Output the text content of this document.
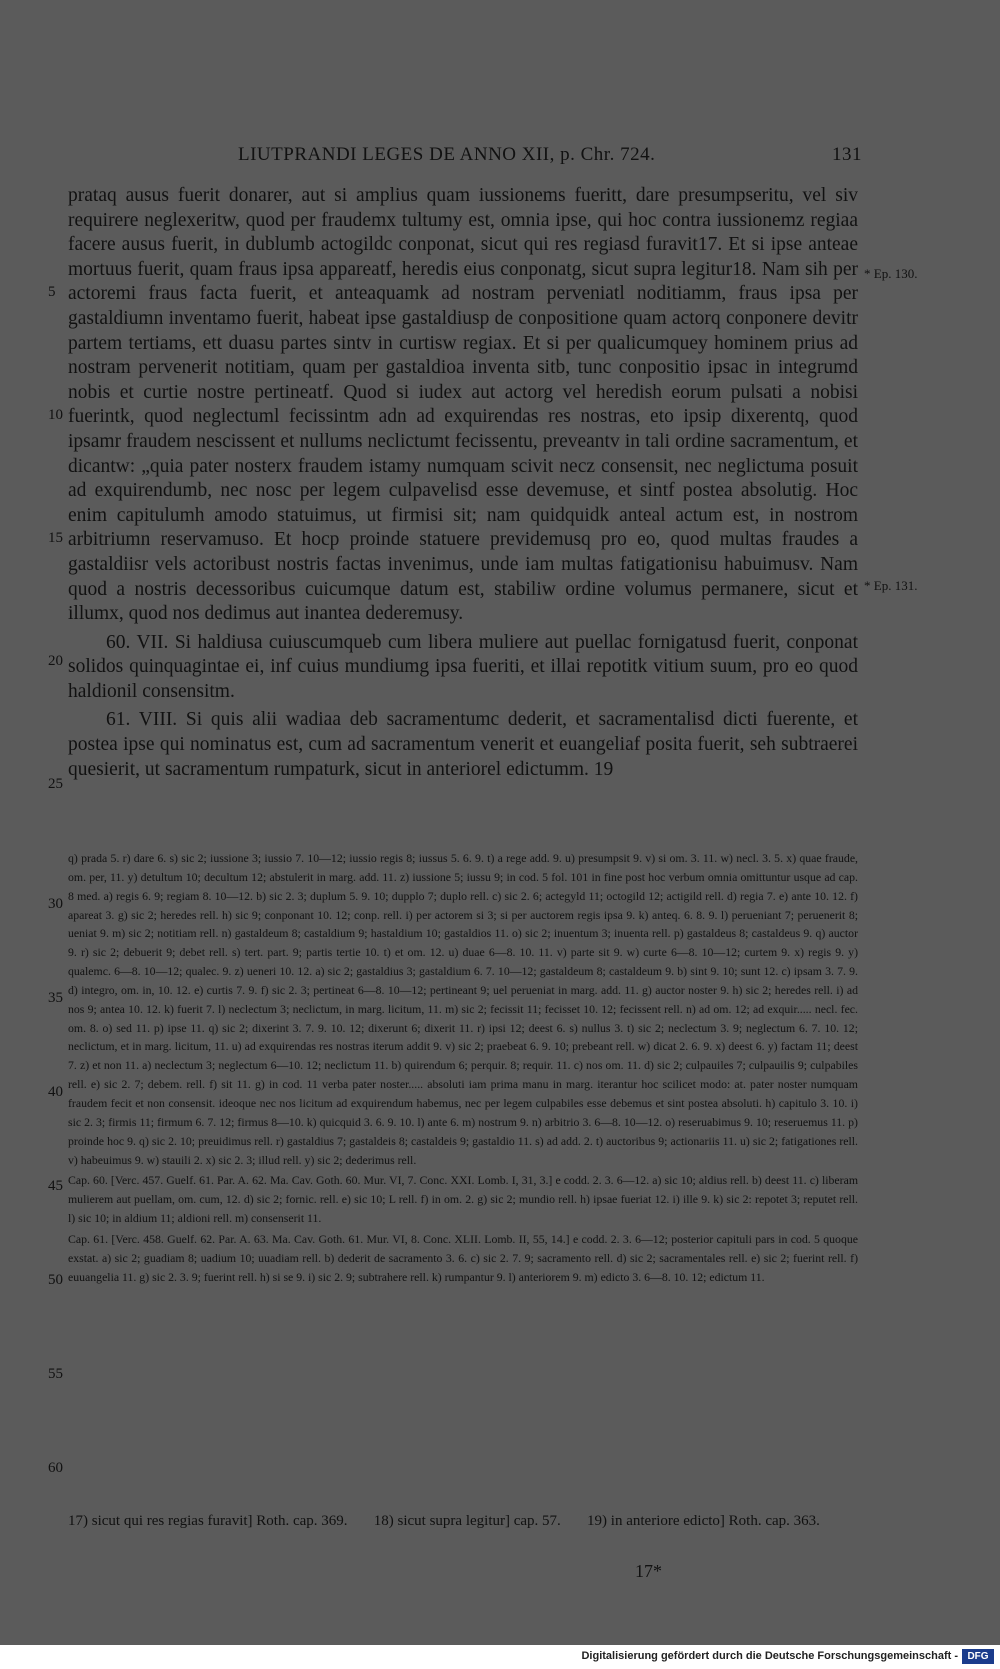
LIUTPRANDI LEGES DE ANNO XII, p. Chr. 724.	131
5
10
15
20
25
30
35
40
45
50
55
60
* Ep. 130.
* Ep. 131.

prataq ausus fuerit donarer, aut si amplius quam iussionems fueritt, dare presumpseritu, vel siv requirere neglexeritw, quod per fraudemx tultumy est, omnia ipse, qui hoc contra iussionemz regiaa facere ausus fuerit, in dublumb actogildc conponat, sicut qui res regiasd furavit17. Et si ipse anteae mortuus fuerit, quam fraus ipsa appareatf, heredis eius conponatg, sicut supra legitur18. Nam sih per actoremi fraus facta fuerit, et anteaquamk ad nostram perveniatl noditiamm, fraus ipsa per gastaldiumn inventamo fuerit, habeat ipse gastaldiusp de conpositione quam actorq conponere devitr partem tertiams, ett duasu partes sintv in curtisw regiax. Et si per qualicumquey hominem prius ad nostram pervenerit notitiam, quam per gastaldioa inventa sitb, tunc conpositio ipsac in integrumd nobis et curtie nostre pertineatf. Quod si iudex aut actorg vel heredish eorum pulsati a nobisi fuerintk, quod neglectuml fecissintm adn ad exquirendas res nostras, eto ipsip dixerentq, quod ipsamr fraudem nescissent et nullums neclictumt fecissentu, preveantv in tali ordine sacramentum, et dicantw: „quia pater nosterx fraudem istamy numquam scivit necz consensit, nec neglictuma posuit ad exquirendumb, nec nosc per legem culpavelisd esse devemuse, et sintf postea absolutig. Hoc enim capitulumh amodo statuimus, ut firmisi sit; nam quidquidk anteal actum est, in nostrom arbitriumn reservamuso. Et hocp proinde statuere previdemusq pro eo, quod multas fraudes a gastaldiisr vels actoribust nostris factas invenimus, unde iam multas fatigationisu habuimusv. Nam quod a nostris decessoribus cuicumque datum est, stabiliw ordine volumus permanere, sicut et illumx, quod nos dedimus aut inantea dederemusy.

60. VII. Si haldiusa cuiuscumqueb cum libera muliere aut puellac fornigatusd fuerit, conponat solidos quinquagintae ei, inf cuius mundiumg ipsa fueriti, et illai repotitk vitium suum, pro eo quod haldionil consensitm.

61. VIII. Si quis alii wadiaa deb sacramentumc dederit, et sacramentalisd dicti fuerente, et postea ipse qui nominatus est, cum ad sacramentum venerit et euangeliaf posita fuerit, seh subtraerei quesierit, ut sacramentum rumpaturk, sicut in anteriorel edictumm. 19

q) prada 5. r) dare 6. s) sic 2; iussione 3; iussio 7. 10—12; iussio regis 8; iussus 5. 6. 9. t) a rege add. 9. u) presumpsit 9. v) si om. 3. 11. w) necl. 3. 5. x) quae fraude, om. per, 11. y) detultum 10; decultum 12; abstulerit in marg. add. 11. z) iussione 5; iussu 9; in cod. 5 fol. 101 in fine post hoc verbum omnia omittuntur usque ad cap. 8 med. a) regis 6. 9; regiam 8. 10—12. b) sic 2. 3; duplum 5. 9. 10; dupplo 7; duplo rell. c) sic 2. 6; actegyld 11; octogild 12; actigild rell. d) regia 7. e) ante 10. 12. f) apareat 3. g) sic 2; heredes rell. h) sic 9; conponant 10. 12; conp. rell. i) per actorem si 3; si per auctorem regis ipsa 9. k) anteq. 6. 8. 9. l) perueniant 7; peruenerit 8; ueniat 9. m) sic 2; notitiam rell. n) gastaldeum 8; castaldium 9; hastaldium 10; gastaldios 11. o) sic 2; inuentum 3; inuenta rell. p) gastaldeus 8; castaldeus 9. q) auctor 9. r) sic 2; debuerit 9; debet rell. s) tert. part. 9; partis tertie 10. t) et om. 12. u) duae 6—8. 10. 11. v) parte sit 9. w) curte 6—8. 10—12; curtem 9. x) regis 9. y) qualemc. 6—8. 10—12; qualec. 9. z) ueneri 10. 12. a) sic 2; gastaldius 3; gastaldium 6. 7. 10—12; gastaldeum 8; castaldeum 9. b) sint 9. 10; sunt 12. c) ipsam 3. 7. 9. d) integro, om. in, 10. 12. e) curtis 7. 9. f) sic 2. 3; pertineat 6—8. 10—12; pertineant 9; uel perueniat in marg. add. 11. g) auctor noster 9. h) sic 2; heredes rell. i) ad nos 9; antea 10. 12. k) fuerit 7. l) neclectum 3; neclictum, in marg. licitum, 11. m) sic 2; fecissit 11; fecisset 10. 12; fecissent rell. n) ad om. 12; ad exquir..... necl. fec. om. 8. o) sed 11. p) ipse 11. q) sic 2; dixerint 3. 7. 9. 10. 12; dixerunt 6; dixerit 11. r) ipsi 12; deest 6. s) nullus 3. t) sic 2; neclectum 3. 9; neglectum 6. 7. 10. 12; neclictum, et in marg. licitum, 11. u) ad exquirendas res nostras iterum addit 9. v) sic 2; praebeat 6. 9. 10; prebeant rell. w) dicat 2. 6. 9. x) deest 6. y) factam 11; deest 7. z) et non 11. a) neclectum 3; neglectum 6—10. 12; neclictum 11. b) quirendum 6; perquir. 8; requir. 11. c) nos om. 11. d) sic 2; culpauiles 7; culpauilis 9; culpabiles rell. e) sic 2. 7; debem. rell. f) sit 11. g) in cod. 11 verba pater noster..... absoluti iam prima manu in marg. iterantur hoc scilicet modo: at. pater noster numquam fraudem fecit et non consensit. ideoque nec nos licitum ad exquirendum habemus, nec per legem culpabiles esse debemus et sint postea absoluti. h) capitulo 3. 10. i) sic 2. 3; firmis 11; firmum 6. 7. 12; firmus 8—10. k) quicquid 3. 6. 9. 10. l) ante 6. m) nostrum 9. n) arbitrio 3. 6—8. 10—12. o) reseruabimus 9. 10; reseruemus 11. p) proinde hoc 9. q) sic 2. 10; preuidimus rell. r) gastaldius 7; gastaldeis 8; castaldeis 9; gastaldio 11. s) ad add. 2. t) auctoribus 9; actionariis 11. u) sic 2; fatigationes rell. v) habeuimus 9. w) stauili 2. x) sic 2. 3; illud rell. y) sic 2; dederimus rell.

Cap. 60. [Verc. 457. Guelf. 61. Par. A. 62. Ma. Cav. Goth. 60. Mur. VI, 7. Conc. XXI. Lomb. I, 31, 3.] e codd. 2. 3. 6—12. a) sic 10; aldius rell. b) deest 11. c) liberam mulierem aut puellam, om. cum, 12. d) sic 2; fornic. rell. e) sic 10; L rell. f) in om. 2. g) sic 2; mundio rell. h) ipsae fueriat 12. i) ille 9. k) sic 2: repotet 3; reputet rell. l) sic 10; in aldium 11; aldioni rell. m) consenserit 11.

Cap. 61. [Verc. 458. Guelf. 62. Par. A. 63. Ma. Cav. Goth. 61. Mur. VI, 8. Conc. XLII. Lomb. II, 55, 14.] e codd. 2. 3. 6—12; posterior capituli pars in cod. 5 quoque exstat. a) sic 2; guadiam 8; uadium 10; uuadiam rell. b) dederit de sacramento 3. 6. c) sic 2. 7. 9; sacramento rell. d) sic 2; sacramentales rell. e) sic 2; fuerint rell. f) euuangelia 11. g) sic 2. 3. 9; fuerint rell. h) si se 9. i) sic 2. 9; subtrahere rell. k) rumpantur 9. l) anteriorem 9. m) edicto 3. 6—8. 10. 12; edictum 11.

17) sicut qui res regias furavit] Roth. cap. 369. 18) sicut supra legitur] cap. 57. 19) in anteriore edicto] Roth. cap. 363.
17*
Digitalisierung gefördert durch die Deutsche Forschungsgemeinschaft - DFG
